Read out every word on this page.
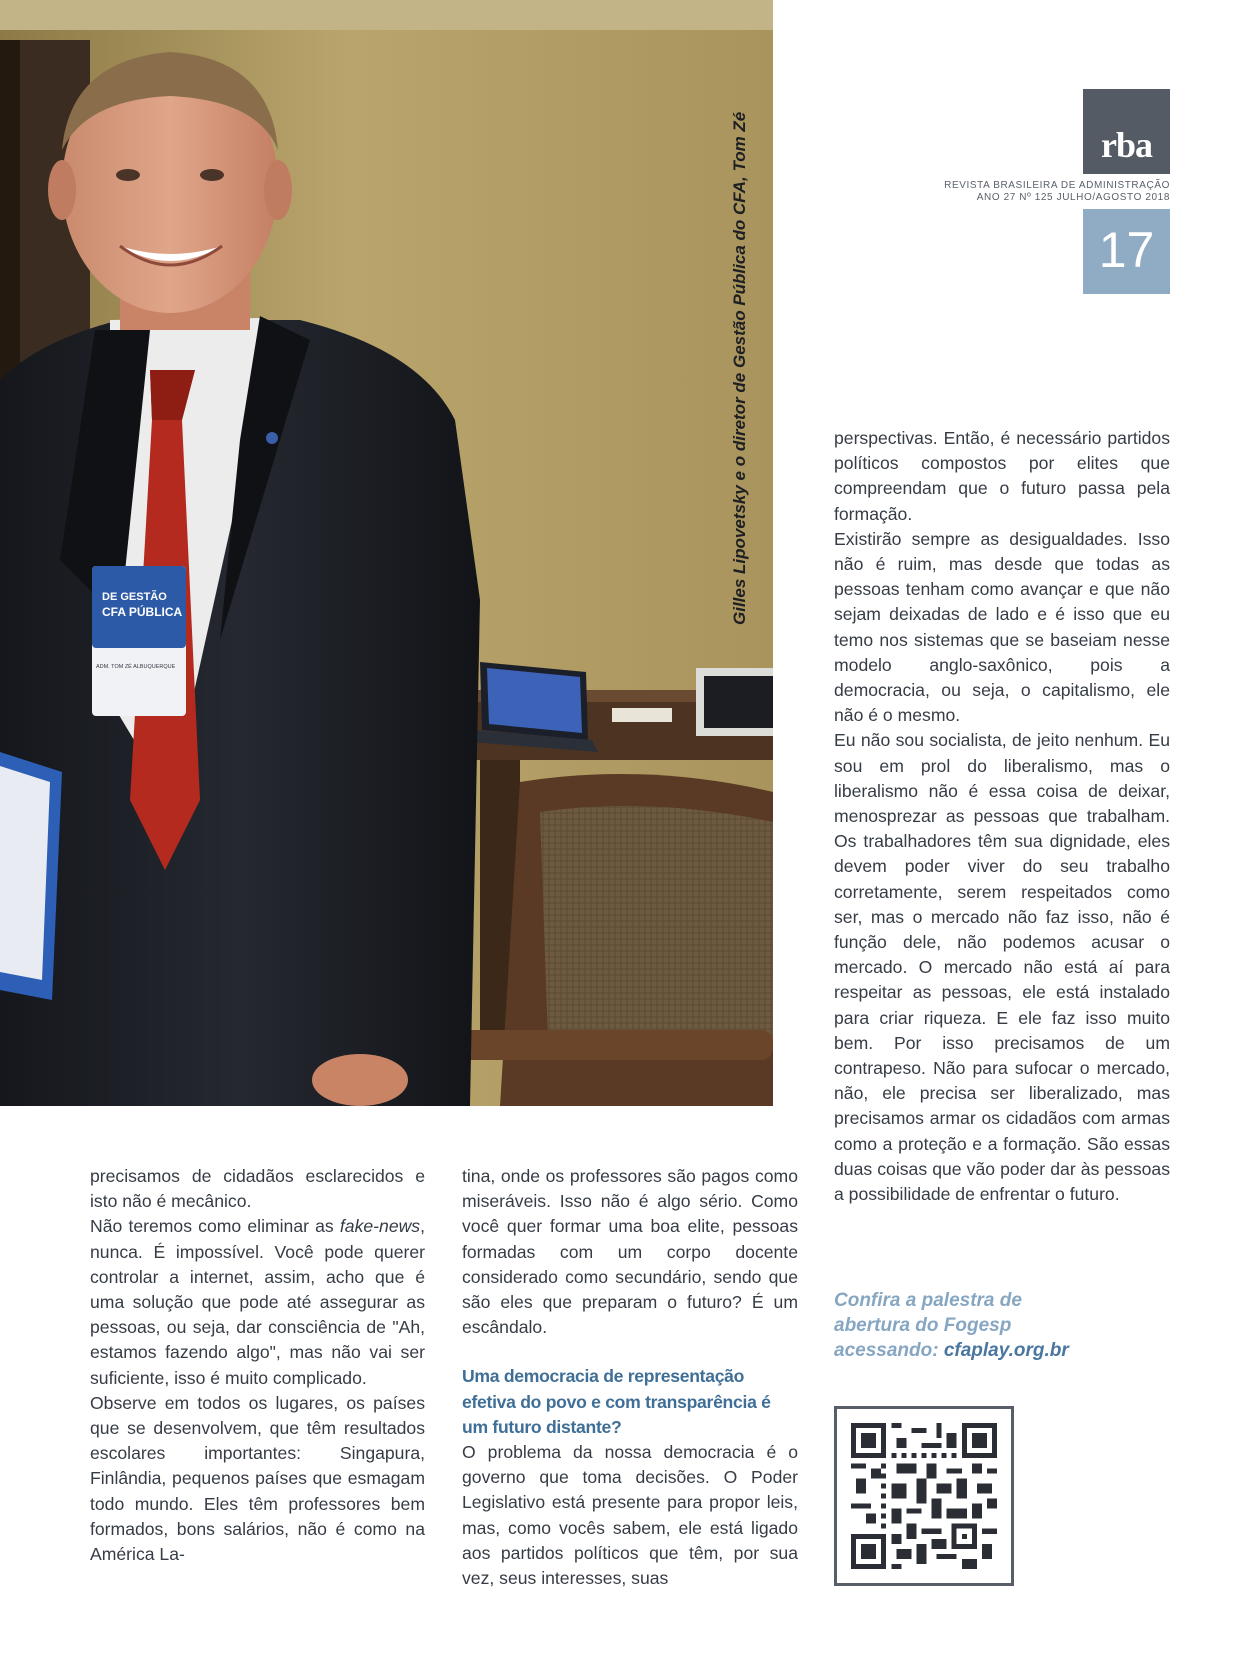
DE GESTÃO
CFA PÚBLICA
ADM. TOM ZÉ ALBUQUERQUE
Gilles Lipovetsky e o diretor de Gestão Pública do CFA, Tom Zé	rba
REVISTA BRASILEIRA DE ADMINISTRAÇÃO
ANO 27 Nº 125 JULHO/AGOSTO 2018
17

precisamos de cidadãos esclarecidos e isto não é mecânico.

Não teremos como eliminar as fake-news, nunca. É impossível. Você pode querer controlar a internet, assim, acho que é uma solução que pode até assegurar as pessoas, ou seja, dar consciência de "Ah, estamos fazendo algo", mas não vai ser suficiente, isso é muito complicado.

Observe em todos os lugares, os países que se desenvolvem, que têm resultados escolares importantes: Singapura, Finlândia, pequenos países que esmagam todo mundo. Eles têm professores bem formados, bons salários, não é como na América La-

tina, onde os professores são pagos como miseráveis. Isso não é algo sério. Como você quer formar uma boa elite, pessoas formadas com um corpo docente considerado como secundário, sendo que são eles que preparam o futuro? É um escândalo.

Uma democracia de representação efetiva do povo e com transparência é um futuro distante?

O problema da nossa democracia é o governo que toma decisões. O Poder Legislativo está presente para propor leis, mas, como vocês sabem, ele está ligado aos partidos políticos que têm, por sua vez, seus interesses, suas

perspectivas. Então, é necessário partidos políticos compostos por elites que compreendam que o futuro passa pela formação.

Existirão sempre as desigualdades. Isso não é ruim, mas desde que todas as pessoas tenham como avançar e que não sejam deixadas de lado e é isso que eu temo nos sistemas que se baseiam nesse modelo anglo-saxônico, pois a democracia, ou seja, o capitalismo, ele não é o mesmo.

Eu não sou socialista, de jeito nenhum. Eu sou em prol do liberalismo, mas o liberalismo não é essa coisa de deixar, menosprezar as pessoas que trabalham. Os trabalhadores têm sua dignidade, eles devem poder viver do seu trabalho corretamente, serem respeitados como ser, mas o mercado não faz isso, não é função dele, não podemos acusar o mercado. O mercado não está aí para respeitar as pessoas, ele está instalado para criar riqueza. E ele faz isso muito bem. Por isso precisamos de um contrapeso. Não para sufocar o mercado, não, ele precisa ser liberalizado, mas precisamos armar os cidadãos com armas como a proteção e a formação. São essas duas coisas que vão poder dar às pessoas a possibilidade de enfrentar o futuro.

Confira a palestra de
abertura do Fogesp
acessando: cfaplay.org.br
